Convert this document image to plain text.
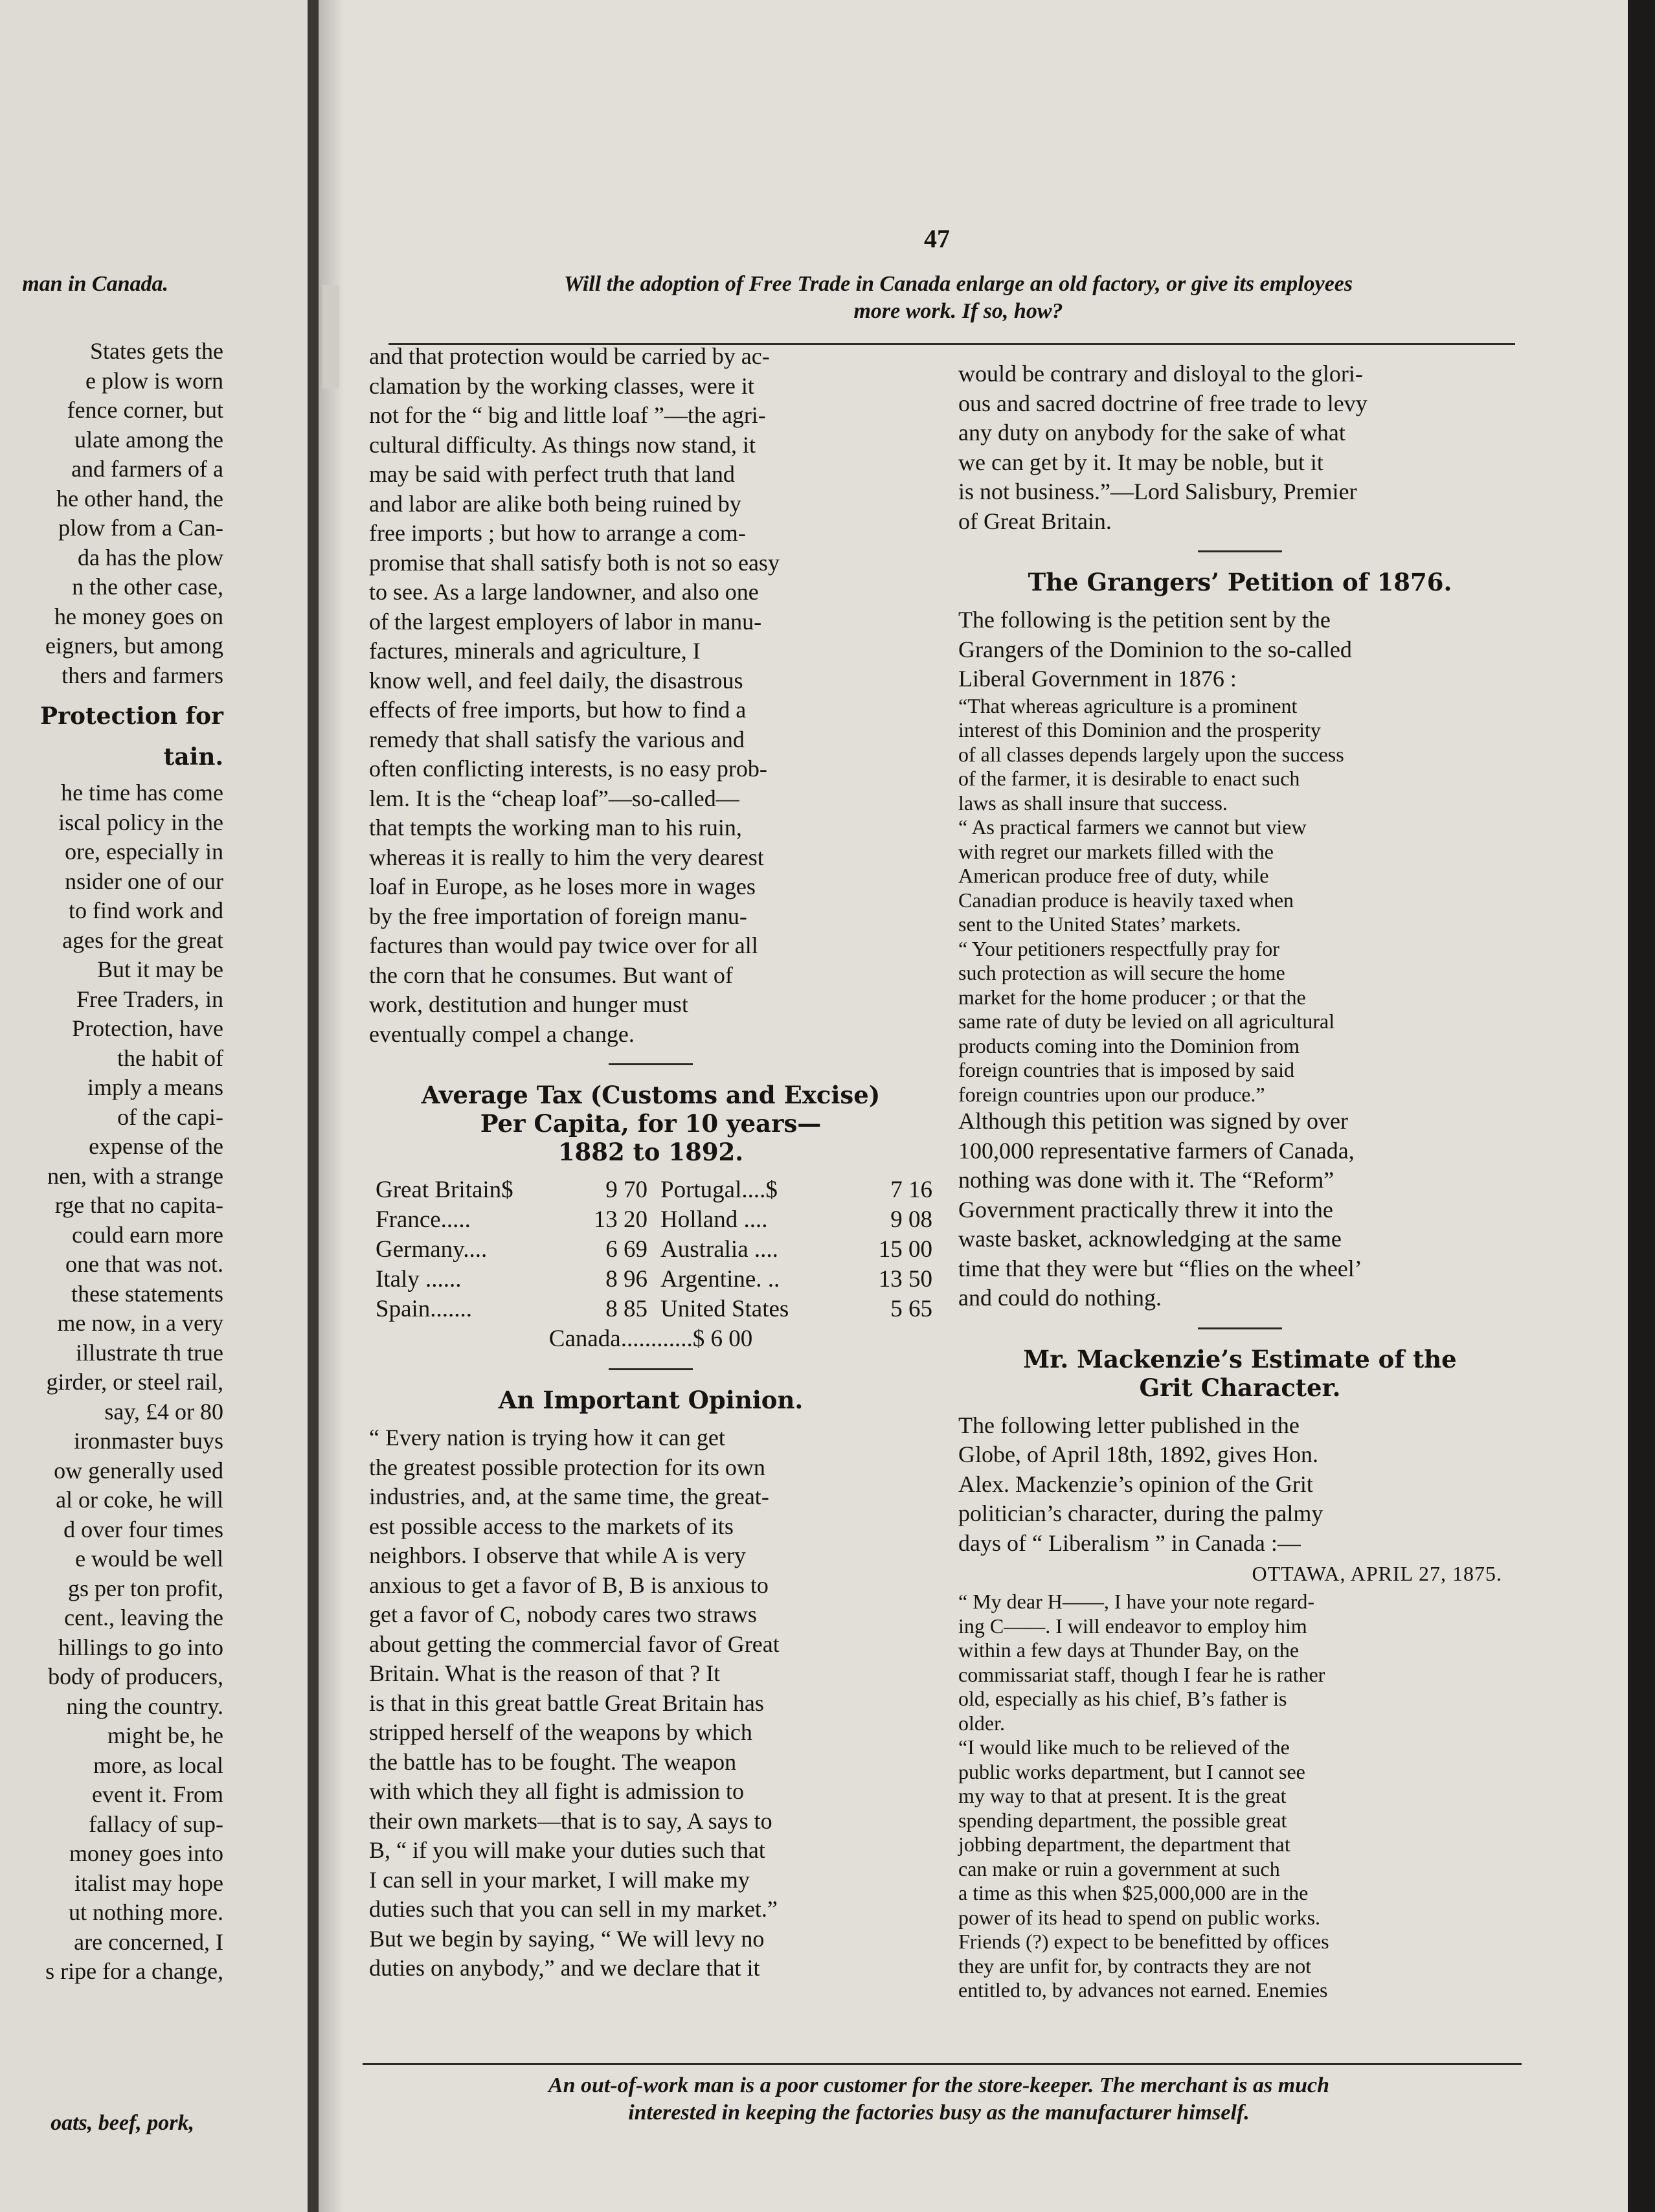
man in Canada.
States gets the
e plow is worn
fence corner, but
ulate among the
and farmers of a
he other hand, the
plow from a Can-
da has the plow
n the other case,
he money goes on
eigners, but among
thers and farmers
Protection for
tain.
he time has come
iscal policy in the
ore, especially in
nsider one of our
to find work and
ages for the great
But it may be
Free Traders, in
Protection, have
the habit of
imply a means
of the capi-
expense of the
nen, with a strange
rge that no capita-
could earn more
one that was not.
these statements
me now, in a very
illustrate th true
girder, or steel rail,
say, £4 or 80
ironmaster buys
ow generally used
al or coke, he will
d over four times
e would be well
gs per ton profit,
cent., leaving the
hillings to go into
body of producers,
ning the country.
might be, he
more, as local
event it. From
fallacy of sup-
money goes into
italist may hope
ut nothing more.
are concerned, I
s ripe for a change,
oats, beef, pork,
47
Will the adoption of Free Trade in Canada enlarge an old factory, or give its employees
more work. If so, how?
and that protection would be carried by ac-
clamation by the working classes, were it
not for the “ big and little loaf ”—the agri-
cultural difficulty. As things now stand, it
may be said with perfect truth that land
and labor are alike both being ruined by
free imports ; but how to arrange a com-
promise that shall satisfy both is not so easy
to see. As a large landowner, and also one
of the largest employers of labor in manu-
factures, minerals and agriculture, I
know well, and feel daily, the disastrous
effects of free imports, but how to find a
remedy that shall satisfy the various and
often conflicting interests, is no easy prob-
lem. It is the “cheap loaf”—so-called—
that tempts the working man to his ruin,
whereas it is really to him the very dearest
loaf in Europe, as he loses more in wages
by the free importation of foreign manu-
factures than would pay twice over for all
the corn that he consumes. But want of
work, destitution and hunger must
eventually compel a change.
Average Tax (Customs and Excise)
Per Capita, for 10 years—
1882 to 1892.
Great Britain$	9 70 Portugal....$	7 16
France.....	13 20 Holland ....	9 08
Germany....	6 69 Australia ....	15 00
Italy ......	8 96 Argentine. ..	13 50
Spain.......	8 85 United States	5 65
Canada............$ 6 00
An Important Opinion.
“ Every nation is trying how it can get
the greatest possible protection for its own
industries, and, at the same time, the great-
est possible access to the markets of its
neighbors. I observe that while A is very
anxious to get a favor of B, B is anxious to
get a favor of C, nobody cares two straws
about getting the commercial favor of Great
Britain. What is the reason of that ? It
is that in this great battle Great Britain has
stripped herself of the weapons by which
the battle has to be fought. The weapon
with which they all fight is admission to
their own markets—that is to say, A says to
B, “ if you will make your duties such that
I can sell in your market, I will make my
duties such that you can sell in my market.”
But we begin by saying, “ We will levy no
duties on anybody,” and we declare that it
would be contrary and disloyal to the glori-
ous and sacred doctrine of free trade to levy
any duty on anybody for the sake of what
we can get by it. It may be noble, but it
is not business.”—Lord Salisbury, Premier
of Great Britain.
The Grangers’ Petition of 1876.
The following is the petition sent by the
Grangers of the Dominion to the so-called
Liberal Government in 1876 :
“That whereas agriculture is a prominent
interest of this Dominion and the prosperity
of all classes depends largely upon the success
of the farmer, it is desirable to enact such
laws as shall insure that success.
“ As practical farmers we cannot but view
with regret our markets filled with the
American produce free of duty, while
Canadian produce is heavily taxed when
sent to the United States’ markets.
“ Your petitioners respectfully pray for
such protection as will secure the home
market for the home producer ; or that the
same rate of duty be levied on all agricultural
products coming into the Dominion from
foreign countries that is imposed by said
foreign countries upon our produce.”
Although this petition was signed by over
100,000 representative farmers of Canada,
nothing was done with it. The “Reform”
Government practically threw it into the
waste basket, acknowledging at the same
time that they were but “flies on the wheel’
and could do nothing.
Mr. Mackenzie’s Estimate of the
Grit Character.
The following letter published in the
Globe, of April 18th, 1892, gives Hon.
Alex. Mackenzie’s opinion of the Grit
politician’s character, during the palmy
days of “ Liberalism ” in Canada :—
OTTAWA, APRIL 27, 1875.
“ My dear H——, I have your note regard-
ing C——. I will endeavor to employ him
within a few days at Thunder Bay, on the
commissariat staff, though I fear he is rather
old, especially as his chief, B’s father is
older.
“I would like much to be relieved of the
public works department, but I cannot see
my way to that at present. It is the great
spending department, the possible great
jobbing department, the department that
can make or ruin a government at such
a time as this when $25,000,000 are in the
power of its head to spend on public works.
Friends (?) expect to be benefitted by offices
they are unfit for, by contracts they are not
entitled to, by advances not earned. Enemies
An out-of-work man is a poor customer for the store-keeper. The merchant is as much
interested in keeping the factories busy as the manufacturer himself.
